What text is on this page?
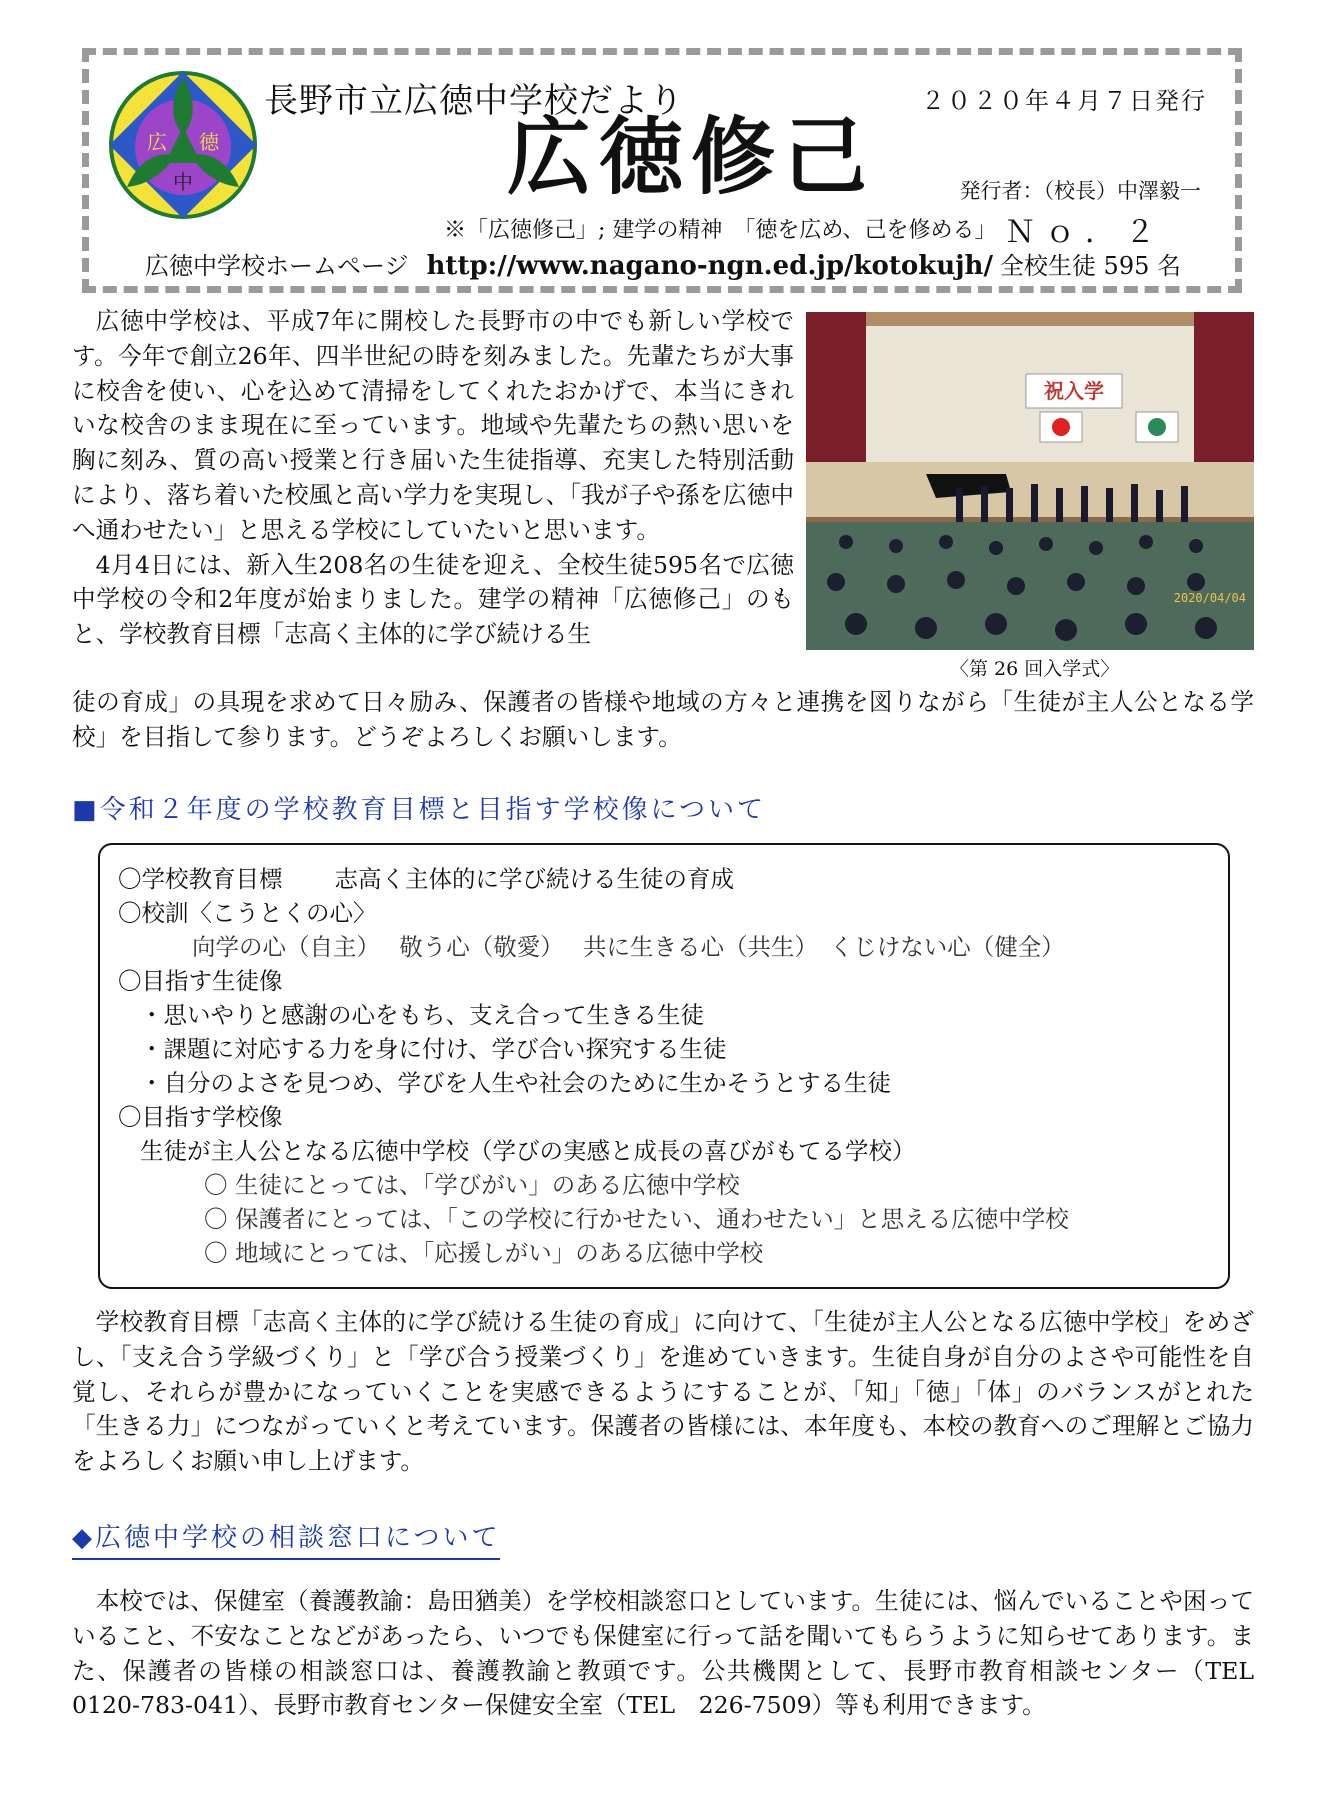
広 徳
中
長野市立広徳中学校だより	２０２０年４月７日発行
広徳修己	発行者：（校長）中澤毅一
※「広徳修己」; 建学の精神　「徳を広め、己を修める」 Ｎｏ．２
広徳中学校ホームページ http://www.nagano-ngn.ed.jp/kotokujh/ 全校生徒 595 名

広徳中学校は、平成7年に開校した長野市の中でも新しい学校です。今年で創立26年、四半世紀の時を刻みました。先輩たちが大事に校舎を使い、心を込めて清掃をしてくれたおかげで、本当にきれいな校舎のまま現在に至っています。地域や先輩たちの熱い思いを胸に刻み、質の高い授業と行き届いた生徒指導、充実した特別活動により、落ち着いた校風と高い学力を実現し、「我が子や孫を広徳中へ通わせたい」と思える学校にしていたいと思います。

4月4日には、新入生208名の生徒を迎え、全校生徒595名で広徳中学校の令和2年度が始まりました。建学の精神「広徳修己」のもと、学校教育目標「志高く主体的に学び続ける生

祝入学
2020/04/04
〈第 26 回入学式〉

徒の育成」の具現を求めて日々励み、保護者の皆様や地域の方々と連携を図りながら「生徒が主人公となる学校」を目指して参ります。どうぞよろしくお願いします。

■令和２年度の学校教育目標と目指す学校像について
〇学校教育目標 志高く主体的に学び続ける生徒の育成
〇校訓〈こうとくの心〉
向学の心（自主）　 敬う心（敬愛）　 共に生きる心（共生）　くじけない心（健全）
〇目指す生徒像
・思いやりと感謝の心をもち、支え合って生きる生徒
・課題に対応する力を身に付け、学び合い探究する生徒
・自分のよさを見つめ、学びを人生や社会のために生かそうとする生徒
〇目指す学校像
生徒が主人公となる広徳中学校（学びの実感と成長の喜びがもてる学校）
〇 生徒にとっては、「学びがい」のある広徳中学校
〇 保護者にとっては、「この学校に行かせたい、通わせたい」と思える広徳中学校
〇 地域にとっては、「応援しがい」のある広徳中学校

学校教育目標「志高く主体的に学び続ける生徒の育成」に向けて、「生徒が主人公となる広徳中学校」をめざし、「支え合う学級づくり」と「学び合う授業づくり」を進めていきます。生徒自身が自分のよさや可能性を自覚し、それらが豊かになっていくことを実感できるようにすることが、「知」「徳」「体」のバランスがとれた「生きる力」につながっていくと考えています。保護者の皆様には、本年度も、本校の教育へのご理解とご協力をよろしくお願い申し上げます。

◆広徳中学校の相談窓口について

本校では、保健室（養護教諭：島田猶美）を学校相談窓口としています。生徒には、悩んでいることや困っていること、不安なことなどがあったら、いつでも保健室に行って話を聞いてもらうように知らせてあります。また、保護者の皆様の相談窓口は、養護教諭と教頭です。公共機関として、長野市教育相談センター（TEL　0120-783-041）、長野市教育センター保健安全室（TEL　226-7509）等も利用できます。
